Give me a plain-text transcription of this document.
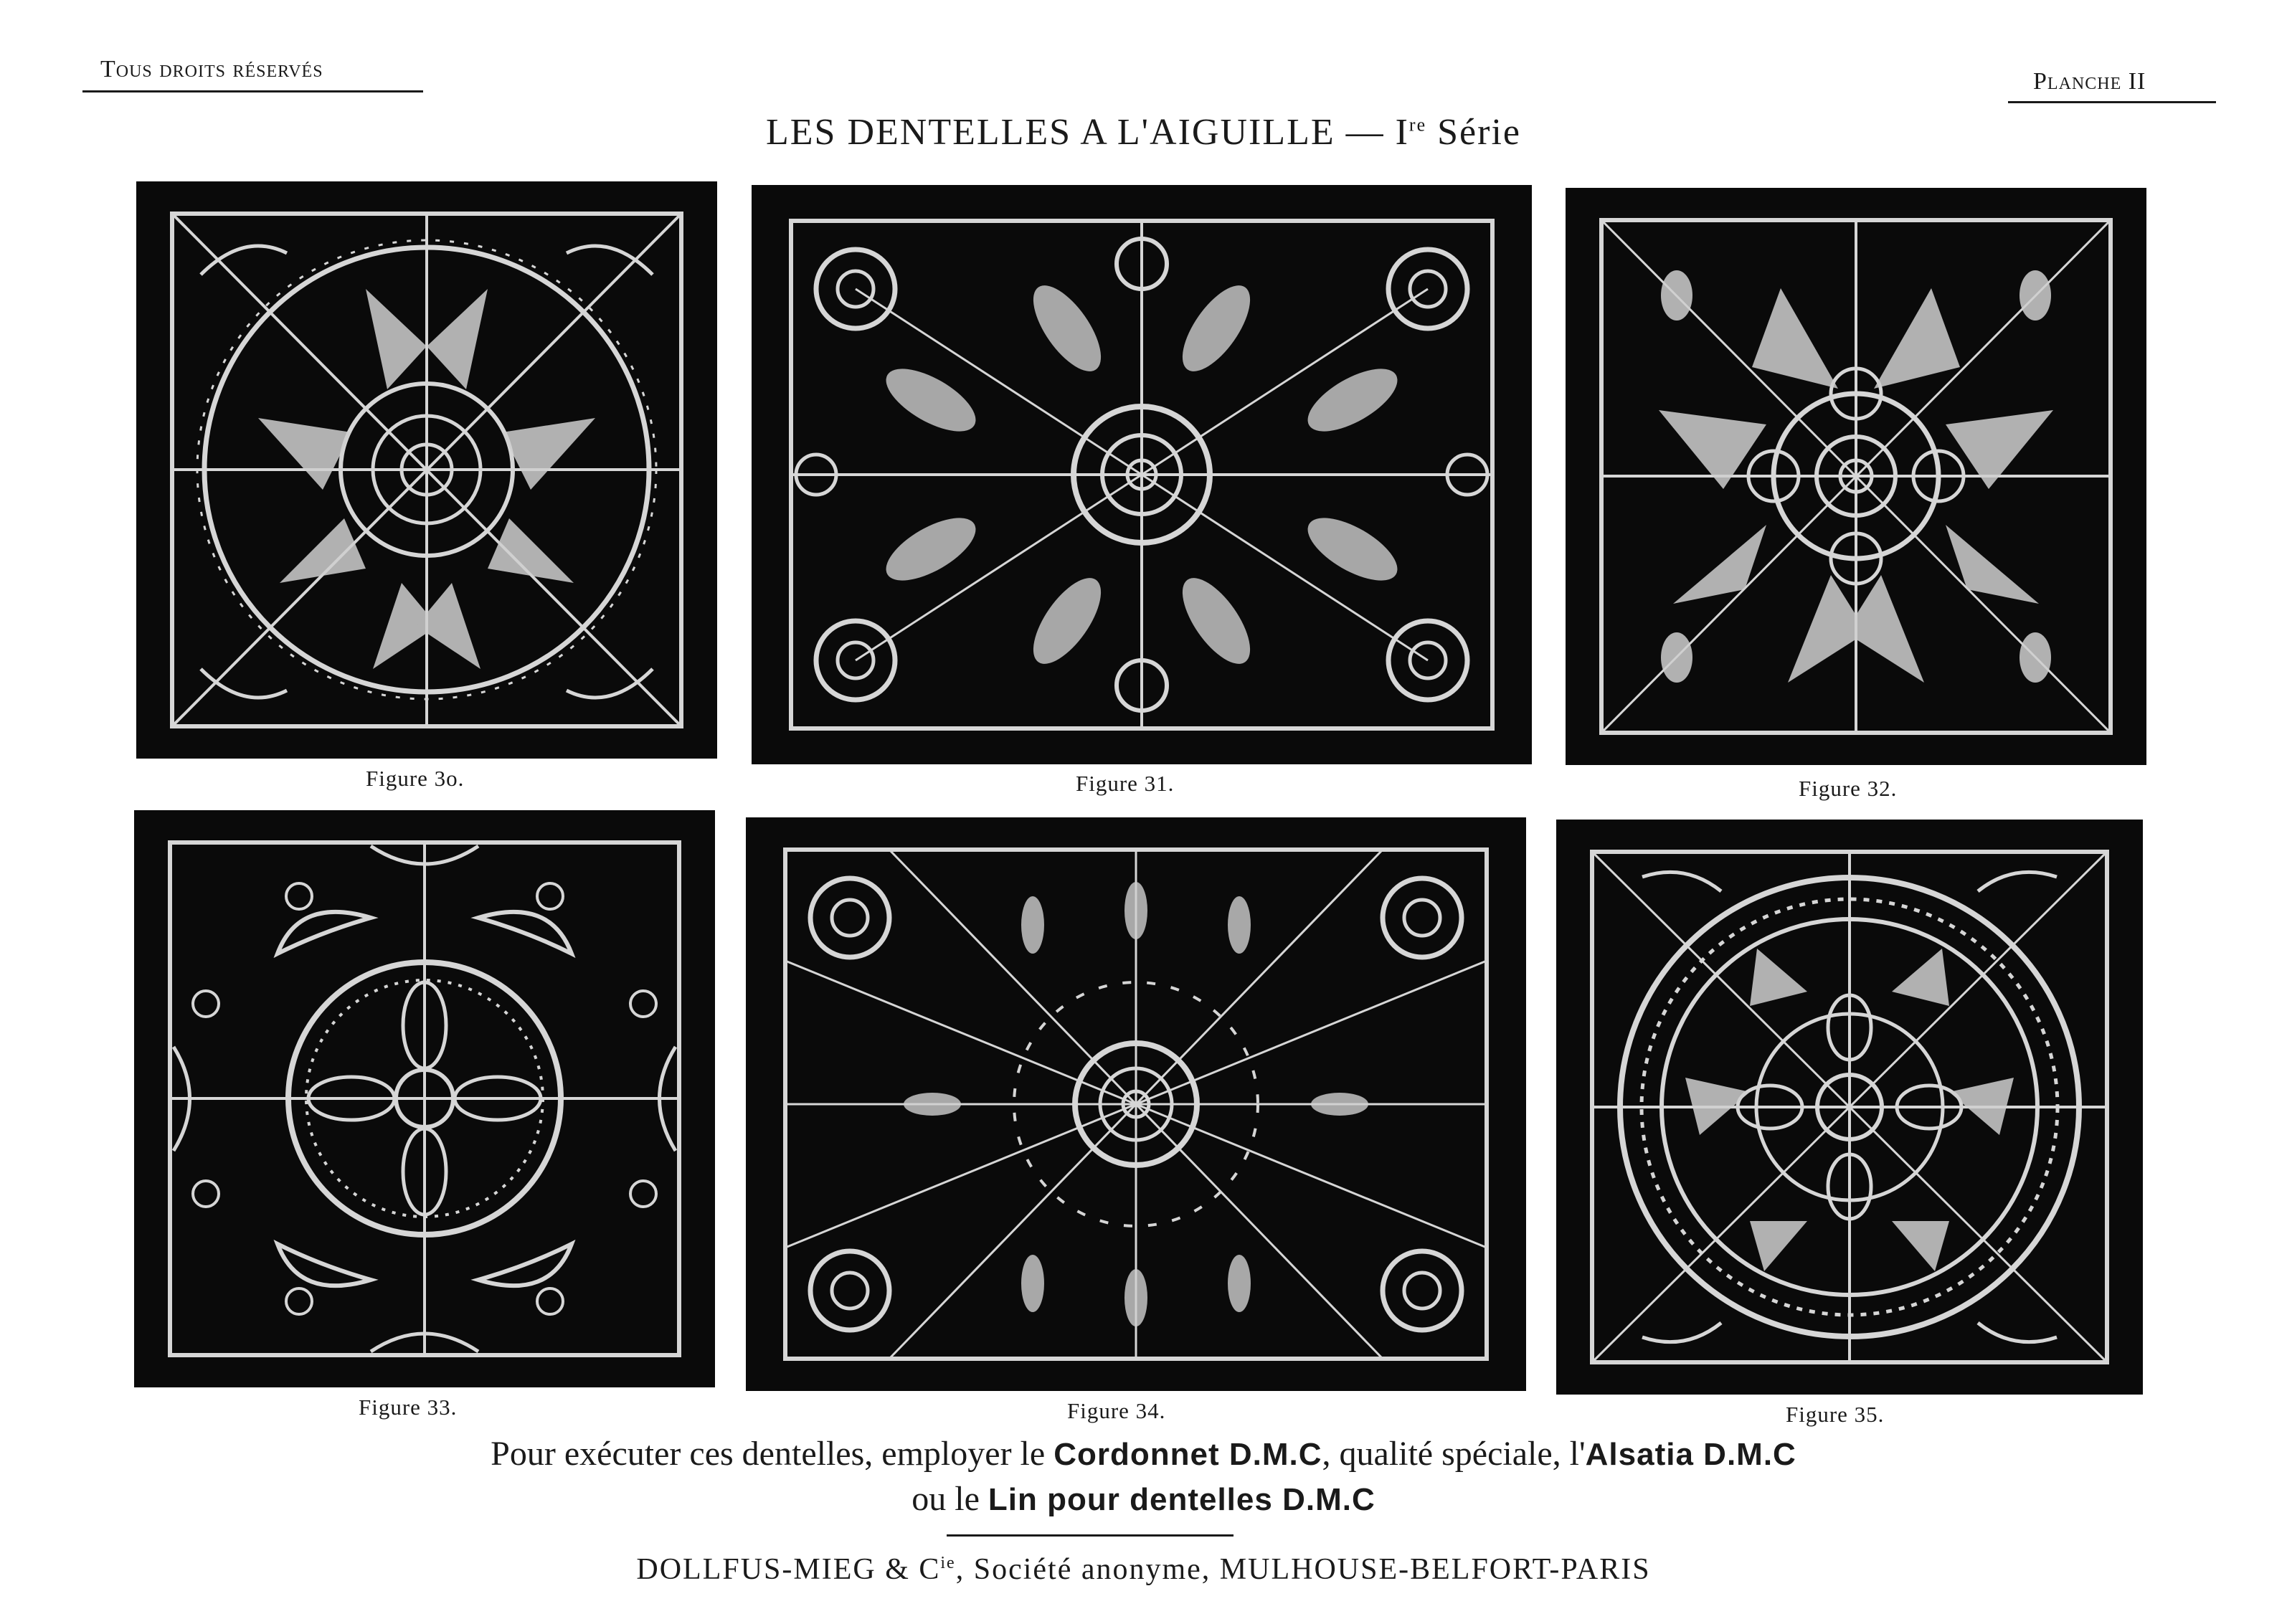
Tous droits réservés	Planche II
LES DENTELLES A L'AIGUILLE — Ire Série
Figure 3o.	Figure 31.	Figure 32.
Figure 33.	Figure 34.	Figure 35.
Pour exécuter ces dentelles, employer le Cordonnet D.M.C, qualité spéciale, l'Alsatia D.M.C
ou le Lin pour dentelles D.M.C
DOLLFUS-MIEG & $C^{ie}$, Société anonyme, MULHOUSE-BELFORT-PARIS
